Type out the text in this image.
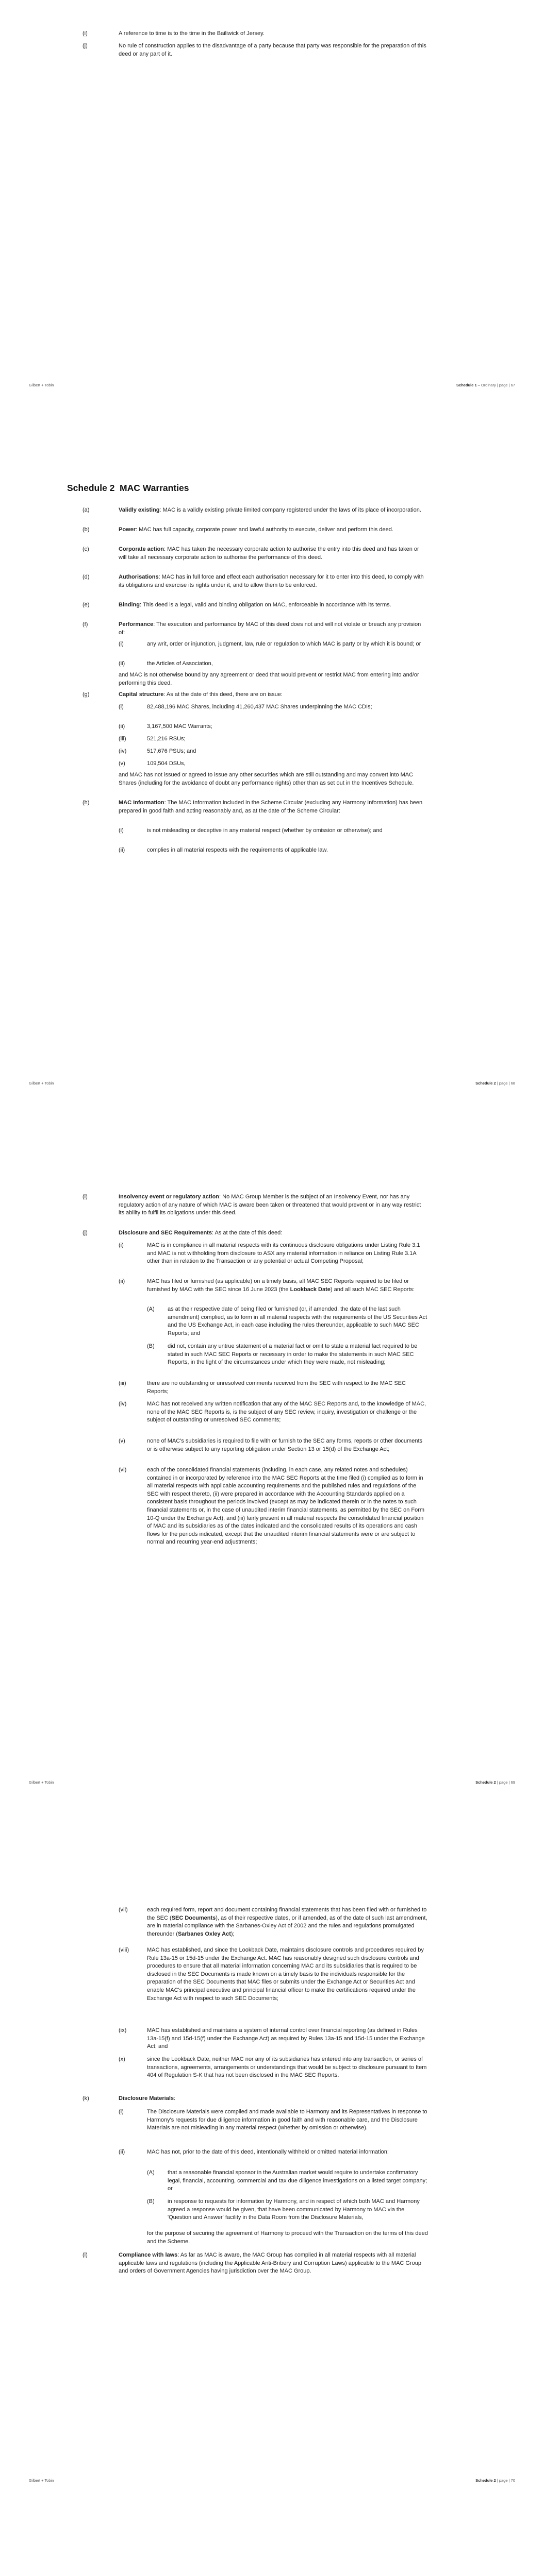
(i)	A reference to time is to the time in the Bailiwick of Jersey.
(j)	No rule of construction applies to the disadvantage of a party because that party was responsible for the preparation of this deed or any part of it.
Gilbert + Tobin	Schedule 1 – Ordinary | page | 67
Schedule 2 MAC Warranties
(a)	Validly existing: MAC is a validly existing private limited company registered under the laws of its place of incorporation.
(b)	Power: MAC has full capacity, corporate power and lawful authority to execute, deliver and perform this deed.
(c)	Corporate action: MAC has taken the necessary corporate action to authorise the entry into this deed and has taken or will take all necessary corporate action to authorise the performance of this deed.
(d)	Authorisations: MAC has in full force and effect each authorisation necessary for it to enter into this deed, to comply with its obligations and exercise its rights under it, and to allow them to be enforced.
(e)	Binding: This deed is a legal, valid and binding obligation on MAC, enforceable in accordance with its terms.
(f)	Performance: The execution and performance by MAC of this deed does not and will not violate or breach any provision of:
(i)	any writ, order or injunction, judgment, law, rule or regulation to which MAC is party or by which it is bound; or
(ii)	the Articles of Association,
and MAC is not otherwise bound by any agreement or deed that would prevent or restrict MAC from entering into and/or performing this deed.
(g)	Capital structure: As at the date of this deed, there are on issue:
(i)	82,488,196 MAC Shares, including 41,260,437 MAC Shares underpinning the MAC CDIs;
(ii)	3,167,500 MAC Warrants;
(iii)	521,216 RSUs;
(iv)	517,676 PSUs; and
(v)	109,504 DSUs,
and MAC has not issued or agreed to issue any other securities which are still outstanding and may convert into MAC Shares (including for the avoidance of doubt any performance rights) other than as set out in the Incentives Schedule.
(h)	MAC Information: The MAC Information included in the Scheme Circular (excluding any Harmony Information) has been prepared in good faith and acting reasonably and, as at the date of the Scheme Circular:
(i)	is not misleading or deceptive in any material respect (whether by omission or otherwise); and
(ii)	complies in all material respects with the requirements of applicable law.
Gilbert + Tobin	Schedule 2 | page | 68
(i)	Insolvency event or regulatory action: No MAC Group Member is the subject of an Insolvency Event, nor has any regulatory action of any nature of which MAC is aware been taken or threatened that would prevent or in any way restrict its ability to fulfil its obligations under this deed.
(j)	Disclosure and SEC Requirements: As at the date of this deed:
(i)	MAC is in compliance in all material respects with its continuous disclosure obligations under Listing Rule 3.1 and MAC is not withholding from disclosure to ASX any material information in reliance on Listing Rule 3.1A other than in relation to the Transaction or any potential or actual Competing Proposal;
(ii)	MAC has filed or furnished (as applicable) on a timely basis, all MAC SEC Reports required to be filed or furnished by MAC with the SEC since 16 June 2023 (the Lookback Date) and all such MAC SEC Reports:
(A)	as at their respective date of being filed or furnished (or, if amended, the date of the last such amendment) complied, as to form in all material respects with the requirements of the US Securities Act and the US Exchange Act, in each case including the rules thereunder, applicable to such MAC SEC Reports; and
(B)	did not, contain any untrue statement of a material fact or omit to state a material fact required to be stated in such MAC SEC Reports or necessary in order to make the statements in such MAC SEC Reports, in the light of the circumstances under which they were made, not misleading;
(iii)	there are no outstanding or unresolved comments received from the SEC with respect to the MAC SEC Reports;
(iv)	MAC has not received any written notification that any of the MAC SEC Reports and, to the knowledge of MAC, none of the MAC SEC Reports is, is the subject of any SEC review, inquiry, investigation or challenge or the subject of outstanding or unresolved SEC comments;
(v)	none of MAC's subsidiaries is required to file with or furnish to the SEC any forms, reports or other documents or is otherwise subject to any reporting obligation under Section 13 or 15(d) of the Exchange Act;
(vi)	each of the consolidated financial statements (including, in each case, any related notes and schedules) contained in or incorporated by reference into the MAC SEC Reports at the time filed (i) complied as to form in all material respects with applicable accounting requirements and the published rules and regulations of the SEC with respect thereto, (ii) were prepared in accordance with the Accounting Standards applied on a consistent basis throughout the periods involved (except as may be indicated therein or in the notes to such financial statements or, in the case of unaudited interim financial statements, as permitted by the SEC on Form 10-Q under the Exchange Act), and (iii) fairly present in all material respects the consolidated financial position of MAC and its subsidiaries as of the dates indicated and the consolidated results of its operations and cash flows for the periods indicated, except that the unaudited interim financial statements were or are subject to normal and recurring year-end adjustments;
Gilbert + Tobin	Schedule 2 | page | 69
(vii)	each required form, report and document containing financial statements that has been filed with or furnished to the SEC (SEC Documents), as of their respective dates, or if amended, as of the date of such last amendment, are in material compliance with the Sarbanes-Oxley Act of 2002 and the rules and regulations promulgated thereunder (Sarbanes Oxley Act);
(viii)	MAC has established, and since the Lookback Date, maintains disclosure controls and procedures required by Rule 13a-15 or 15d-15 under the Exchange Act. MAC has reasonably designed such disclosure controls and procedures to ensure that all material information concerning MAC and its subsidiaries that is required to be disclosed in the SEC Documents is made known on a timely basis to the individuals responsible for the preparation of the SEC Documents that MAC files or submits under the Exchange Act or Securities Act and enable MAC's principal executive and principal financial officer to make the certifications required under the Exchange Act with respect to such SEC Documents;
(ix)	MAC has established and maintains a system of internal control over financial reporting (as defined in Rules 13a-15(f) and 15d-15(f) under the Exchange Act) as required by Rules 13a-15 and 15d-15 under the Exchange Act; and
(x)	since the Lookback Date, neither MAC nor any of its subsidiaries has entered into any transaction, or series of transactions, agreements, arrangements or understandings that would be subject to disclosure pursuant to Item 404 of Regulation S-K that has not been disclosed in the MAC SEC Reports.
(k)	Disclosure Materials:
(i)	The Disclosure Materials were compiled and made available to Harmony and its Representatives in response to Harmony's requests for due diligence information in good faith and with reasonable care, and the Disclosure Materials are not misleading in any material respect (whether by omission or otherwise).
(ii)	MAC has not, prior to the date of this deed, intentionally withheld or omitted material information:
(A)	that a reasonable financial sponsor in the Australian market would require to undertake confirmatory legal, financial, accounting, commercial and tax due diligence investigations on a listed target company; or
(B)	in response to requests for information by Harmony, and in respect of which both MAC and Harmony agreed a response would be given, that have been communicated by Harmony to MAC via the 'Question and Answer' facility in the Data Room from the Disclosure Materials,
for the purpose of securing the agreement of Harmony to proceed with the Transaction on the terms of this deed and the Scheme.
(l)	Compliance with laws: As far as MAC is aware, the MAC Group has complied in all material respects with all material applicable laws and regulations (including the Applicable Anti-Bribery and Corruption Laws) applicable to the MAC Group and orders of Government Agencies having jurisdiction over the MAC Group.
Gilbert + Tobin	Schedule 2 | page | 70
